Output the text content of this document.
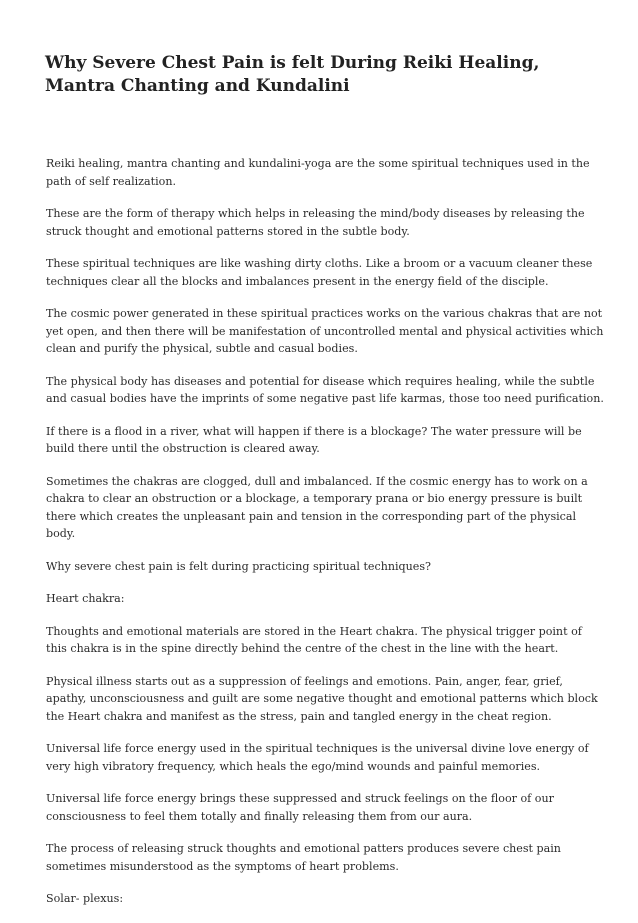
Why Severe Chest Pain is felt During Reiki Healing, Mantra Chanting and Kundalini

Reiki healing, mantra chanting and kundalini-yoga are the some spiritual techniques used in the path of self realization.

These are the form of therapy which helps in releasing the mind/body diseases by releasing the struck thought and emotional patterns stored in the subtle body.

These spiritual techniques are like washing dirty cloths. Like a broom or a vacuum cleaner these techniques clear all the blocks and imbalances present in the energy field of the disciple.

The cosmic power generated in these spiritual practices works on the various chakras that are not yet open, and then there will be manifestation of uncontrolled mental and physical activities which clean and purify the physical, subtle and casual bodies.

The physical body has diseases and potential for disease which requires healing, while the subtle and casual bodies have the imprints of some negative past life karmas, those too need purification.

If there is a flood in a river, what will happen if there is a blockage? The water pressure will be build there until the obstruction is cleared away.

Sometimes the chakras are clogged, dull and imbalanced. If the cosmic energy has to work on a chakra to clear an obstruction or a blockage, a temporary prana or bio energy pressure is built there which creates the unpleasant pain and tension in the corresponding part of the physical body.

Why severe chest pain is felt during practicing spiritual techniques?

Heart chakra:

Thoughts and emotional materials are stored in the Heart chakra. The physical trigger point of this chakra is in the spine directly behind the centre of the chest in the line with the heart.

Physical illness starts out as a suppression of feelings and emotions. Pain, anger, fear, grief, apathy, unconsciousness and guilt are some negative thought and emotional patterns which block the Heart chakra and manifest as the stress, pain and tangled energy in the cheat region.

Universal life force energy used in the spiritual techniques is the universal divine love energy of very high vibratory frequency, which heals the ego/mind wounds and painful memories.

Universal life force energy brings these suppressed and struck feelings on the floor of our consciousness to feel them totally and finally releasing them from our aura.

The process of releasing struck thoughts and emotional patters produces severe chest pain sometimes misunderstood as the symptoms of heart problems.

Solar- plexus:
